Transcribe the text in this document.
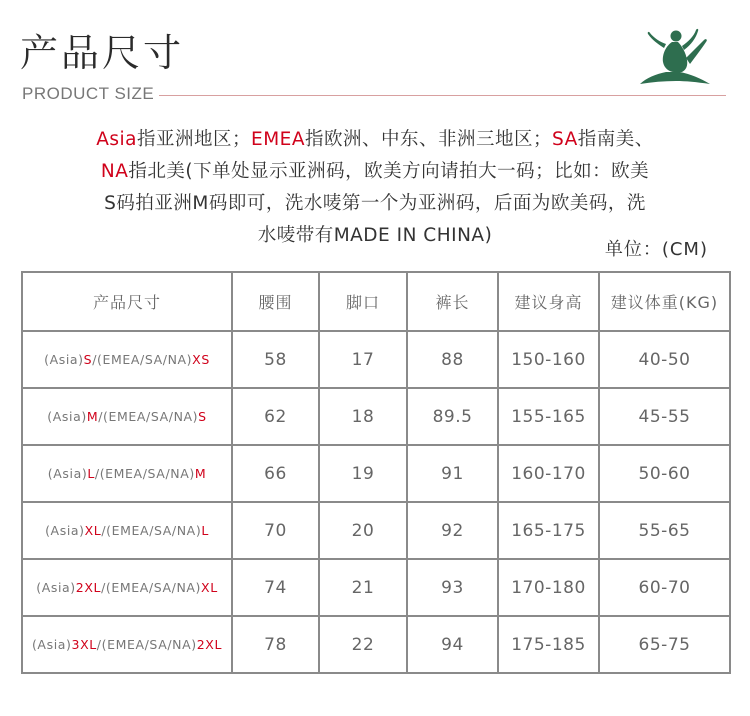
产品尺寸
PRODUCT SIZE
Asia指亚洲地区；EMEA指欧洲、中东、非洲三地区；SA指南美、
NA指北美(下单处显示亚洲码，欧美方向请拍大一码；比如：欧美
S码拍亚洲M码即可，洗水唛第一个为亚洲码，后面为欧美码，洗
水唛带有MADE IN CHINA)
单位：(CM)
产品尺寸	腰围	脚口	裤长	建议身高	建议体重(KG)
(Asia)S/(EMEA/SA/NA)XS	58	17	88	150-160	40-50
(Asia)M/(EMEA/SA/NA)S	62	18	89.5	155-165	45-55
(Asia)L/(EMEA/SA/NA)M	66	19	91	160-170	50-60
(Asia)XL/(EMEA/SA/NA)L	70	20	92	165-175	55-65
(Asia)2XL/(EMEA/SA/NA)XL	74	21	93	170-180	60-70
(Asia)3XL/(EMEA/SA/NA)2XL	78	22	94	175-185	65-75
